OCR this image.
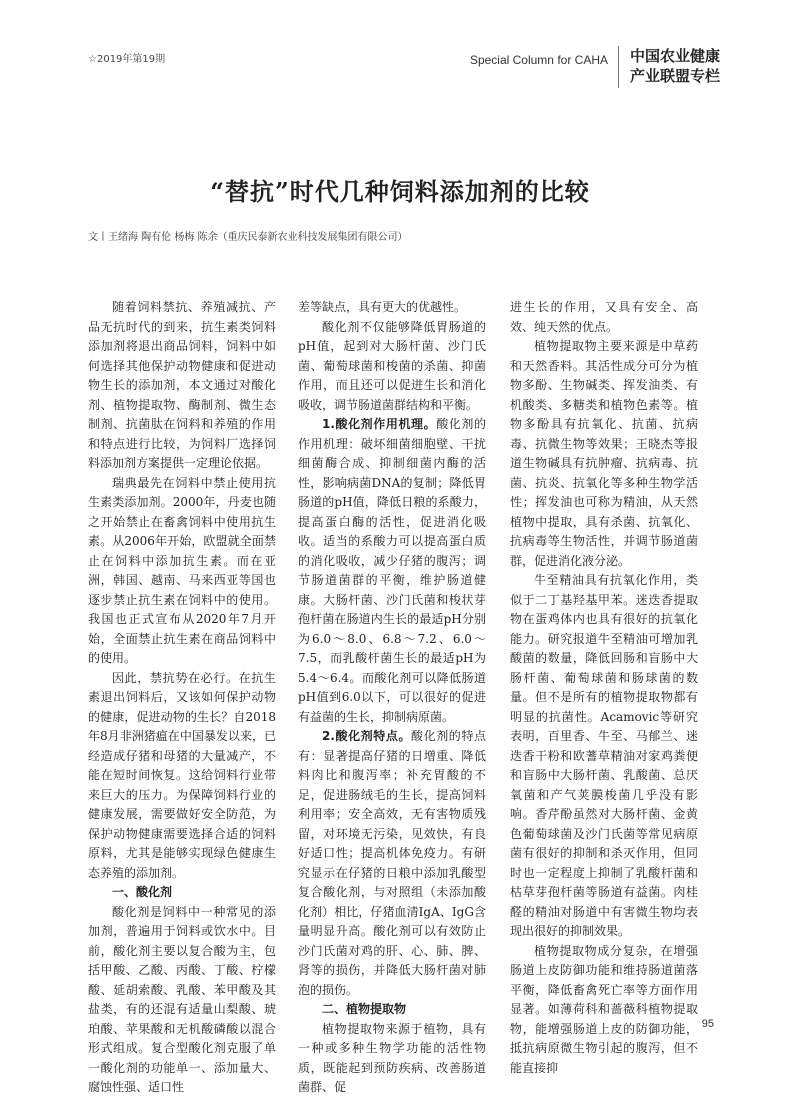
☆2019年第19期	Special Column for CAHA 中国农业健康
产业联盟专栏
“替抗”时代几种饲料添加剂的比较
文丨王绪海 陶有伦 杨梅 陈余（重庆民泰新农业科技发展集团有限公司）

随着饲料禁抗、养殖减抗、产品无抗时代的到来，抗生素类饲料添加剂将退出商品饲料，饲料中如何选择其他保护动物健康和促进动物生长的添加剂，本文通过对酸化剂、植物提取物、酶制剂、微生态制剂、抗菌肽在饲料和养殖的作用和特点进行比较，为饲料厂选择饲料添加剂方案提供一定理论依据。

瑞典最先在饲料中禁止使用抗生素类添加剂。2000年，丹麦也随之开始禁止在畜禽饲料中使用抗生素。从2006年开始，欧盟就全面禁止在饲料中添加抗生素。而在亚洲，韩国、越南、马来西亚等国也逐步禁止抗生素在饲料中的使用。我国也正式宣布从2020年7月开始，全面禁止抗生素在商品饲料中的使用。

因此，禁抗势在必行。在抗生素退出饲料后，又该如何保护动物的健康，促进动物的生长？自2018年8月非洲猪瘟在中国暴发以来，已经造成仔猪和母猪的大量减产，不能在短时间恢复。这给饲料行业带来巨大的压力。为保障饲料行业的健康发展，需要做好安全防范，为保护动物健康需要选择合适的饲料原料，尤其是能够实现绿色健康生态养殖的添加剂。

一、酸化剂

酸化剂是饲料中一种常见的添加剂，普遍用于饲料或饮水中。目前，酸化剂主要以复合酸为主，包括甲酸、乙酸、丙酸、丁酸、柠檬酸、延胡索酸、乳酸、苯甲酸及其盐类，有的还混有适量山梨酸、琥珀酸、苹果酸和无机酸磷酸以混合形式组成。复合型酸化剂克服了单一酸化剂的功能单一、添加量大、腐蚀性强、适口性

差等缺点，具有更大的优越性。

酸化剂不仅能够降低胃肠道的pH值，起到对大肠杆菌、沙门氏菌、葡萄球菌和梭菌的杀菌、抑菌作用，而且还可以促进生长和消化吸收，调节肠道菌群结构和平衡。

1.酸化剂作用机理。酸化剂的作用机理：破坏细菌细胞壁、干扰细菌酶合成、抑制细菌内酶的活性，影响病菌DNA的复制；降低胃肠道的pH值，降低日粮的系酸力，提高蛋白酶的活性，促进消化吸收。适当的系酸力可以提高蛋白质的消化吸收，减少仔猪的腹泻；调节肠道菌群的平衡，维护肠道健康。大肠杆菌、沙门氏菌和梭状芽孢杆菌在肠道内生长的最适pH分别为6.0～8.0、6.8～7.2、6.0～7.5，而乳酸杆菌生长的最适pH为5.4～6.4。而酸化剂可以降低肠道pH值到6.0以下，可以很好的促进有益菌的生长，抑制病原菌。

2.酸化剂特点。酸化剂的特点有：显著提高仔猪的日增重、降低料肉比和腹泻率；补充胃酸的不足，促进肠绒毛的生长，提高饲料利用率；安全高效，无有害物质残留，对环境无污染，见效快，有良好适口性；提高机体免疫力。有研究显示在仔猪的日粮中添加乳酸型复合酸化剂，与对照组（未添加酸化剂）相比，仔猪血清IgA、IgG含量明显升高。酸化剂可以有效防止沙门氏菌对鸡的肝、心、肺、脾、肾等的损伤，并降低大肠杆菌对肺泡的损伤。

二、植物提取物

植物提取物来源于植物，具有一种或多种生物学功能的活性物质，既能起到预防疾病、改善肠道菌群、促

进生长的作用，又具有安全、高效、纯天然的优点。

植物提取物主要来源是中草药和天然香料。其活性成分可分为植物多酚、生物碱类、挥发油类、有机酸类、多糖类和植物色素等。植物多酚具有抗氧化、抗菌、抗病毒、抗微生物等效果；王晓杰等报道生物碱具有抗肿瘤、抗病毒、抗菌、抗炎、抗氧化等多种生物学活性；挥发油也可称为精油，从天然植物中提取，具有杀菌、抗氧化、抗病毒等生物活性，并调节肠道菌群，促进消化液分泌。

牛至精油具有抗氧化作用，类似于二丁基羟基甲苯。迷迭香提取物在蛋鸡体内也具有很好的抗氧化能力。研究报道牛至精油可增加乳酸菌的数量，降低回肠和盲肠中大肠杆菌、葡萄球菌和肠球菌的数量。但不是所有的植物提取物都有明显的抗菌性。Acamovic等研究表明，百里香、牛至、马郁兰、迷迭香干粉和欧蓍草精油对家鸡粪便和盲肠中大肠杆菌、乳酸菌、总厌氧菌和产气荚膜梭菌几乎没有影响。香芹酚虽然对大肠杆菌、金黄色葡萄球菌及沙门氏菌等常见病原菌有很好的抑制和杀灭作用，但同时也一定程度上抑制了乳酸杆菌和枯草芽孢杆菌等肠道有益菌。肉桂醛的精油对肠道中有害微生物均表现出很好的抑制效果。

植物提取物成分复杂，在增强肠道上皮防御功能和维持肠道菌落平衡，降低畜禽死亡率等方面作用显著。如薄荷科和蔷薇科植物提取物，能增强肠道上皮的防御功能，抵抗病原微生物引起的腹泻，但不能直接抑

95
